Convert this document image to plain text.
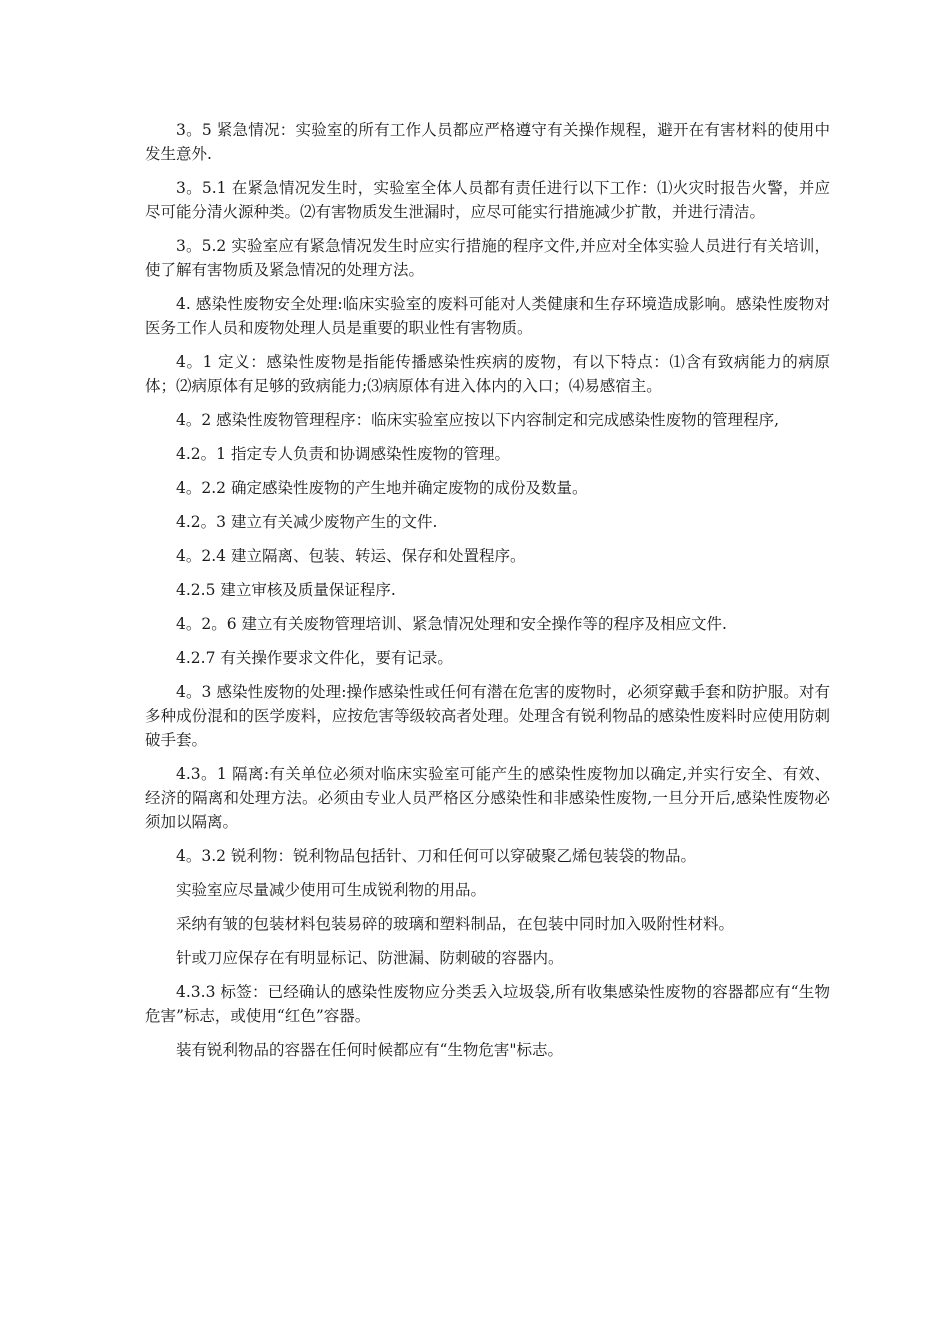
3。5 紧急情况：实验室的所有工作人员都应严格遵守有关操作规程，避开在有害材料的使用中发生意外.

3。5.1 在紧急情况发生时，实验室全体人员都有责任进行以下工作：⑴火灾时报告火警，并应尽可能分清火源种类。⑵有害物质发生泄漏时，应尽可能实行措施减少扩散，并进行清洁。

3。5.2 实验室应有紧急情况发生时应实行措施的程序文件,并应对全体实验人员进行有关培训，使了解有害物质及紧急情况的处理方法。

4. 感染性废物安全处理:临床实验室的废料可能对人类健康和生存环境造成影响。感染性废物对医务工作人员和废物处理人员是重要的职业性有害物质。

4。1 定义：感染性废物是指能传播感染性疾病的废物，有以下特点：⑴含有致病能力的病原体；⑵病原体有足够的致病能力;⑶病原体有进入体内的入口；⑷易感宿主。

4。2 感染性废物管理程序：临床实验室应按以下内容制定和完成感染性废物的管理程序,

4.2。1 指定专人负责和协调感染性废物的管理。

4。2.2 确定感染性废物的产生地并确定废物的成份及数量。

4.2。3 建立有关减少废物产生的文件.

4。2.4 建立隔离、包装、转运、保存和处置程序。

4.2.5 建立审核及质量保证程序.

4。2。6 建立有关废物管理培训、紧急情况处理和安全操作等的程序及相应文件.

4.2.7 有关操作要求文件化，要有记录。

4。3 感染性废物的处理:操作感染性或任何有潜在危害的废物时，必须穿戴手套和防护服。对有多种成份混和的医学废料，应按危害等级较高者处理。处理含有锐利物品的感染性废料时应使用防刺破手套。

4.3。1 隔离:有关单位必须对临床实验室可能产生的感染性废物加以确定,并实行安全、有效、经济的隔离和处理方法。必须由专业人员严格区分感染性和非感染性废物,一旦分开后,感染性废物必须加以隔离。

4。3.2 锐利物：锐利物品包括针、刀和任何可以穿破聚乙烯包装袋的物品。

实验室应尽量减少使用可生成锐利物的用品。

采纳有皱的包装材料包装易碎的玻璃和塑料制品，在包装中同时加入吸附性材料。

针或刀应保存在有明显标记、防泄漏、防刺破的容器内。

4.3.3 标签：已经确认的感染性废物应分类丢入垃圾袋,所有收集感染性废物的容器都应有“生物危害”标志，或使用“红色”容器。

装有锐利物品的容器在任何时候都应有“生物危害"标志。
